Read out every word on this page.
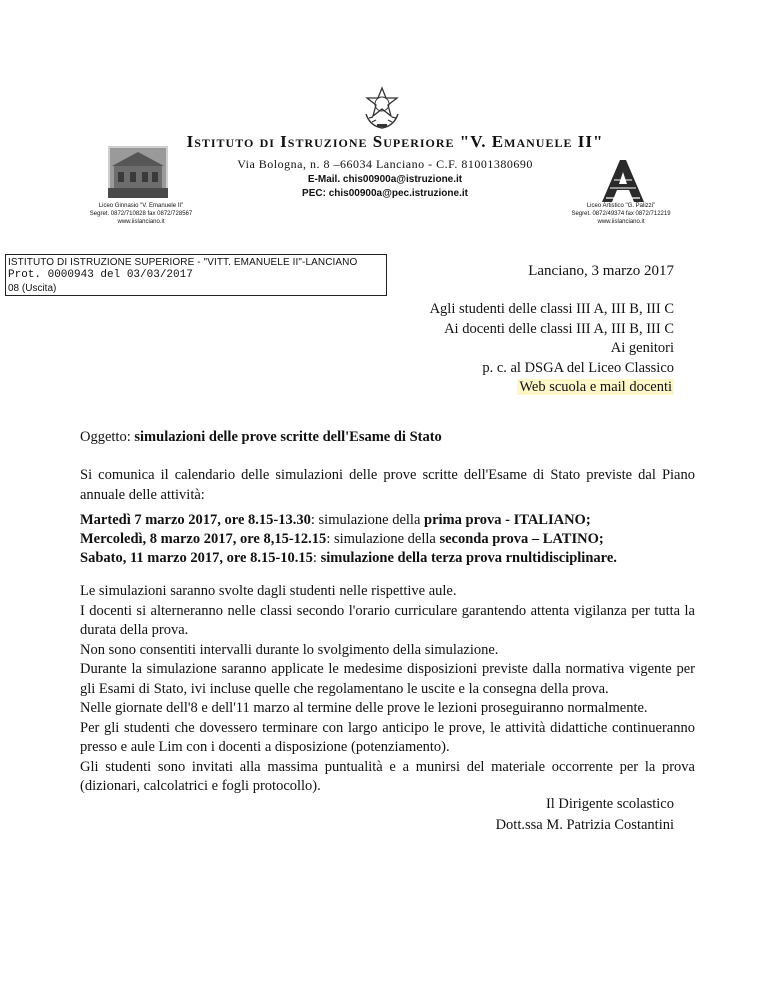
Istituto di Istruzione Superiore "V. Emanuele II"
Via Bologna, n. 8 –66034 Lanciano - C.F. 81001380690
E-Mail. chis00900a@istruzione.it
PEC: chis00900a@pec.istruzione.it
Liceo Ginnasio "V. Emanuele II"
Segret. 0872/710828 fax 0872/728567
www.iislanciano.it
Liceo Artistico "G. Palizzi"
Segret. 0872/49374 fax 0872/712219
www.iislanciano.it
ISTITUTO DI ISTRUZIONE SUPERIORE - "VITT. EMANUELE II"-LANCIANO
Prot. 0000943 del 03/03/2017
08 (Uscita)
Lanciano, 3 marzo 2017
Agli studenti delle classi III A, III B, III C
Ai docenti delle classi III A, III B, III C
Ai genitori
p. c. al DSGA del Liceo Classico
Web scuola e mail docenti
Oggetto: simulazioni delle prove scritte dell'Esame di Stato
Si comunica il calendario delle simulazioni delle prove scritte dell'Esame di Stato previste dal Piano annuale delle attività:
Martedì 7 marzo 2017, ore 8.15-13.30: simulazione della prima prova - ITALIANO;
Mercoledì, 8 marzo 2017, ore 8,15-12.15: simulazione della seconda prova – LATINO;
Sabato, 11 marzo 2017, ore 8.15-10.15: simulazione della terza prova rnultidisciplinare.
Le simulazioni saranno svolte dagli studenti nelle rispettive aule.
I docenti si alterneranno nelle classi secondo l'orario curriculare garantendo attenta vigilanza per tutta la durata della prova.
Non sono consentiti intervalli durante lo svolgimento della simulazione.
Durante la simulazione saranno applicate le medesime disposizioni previste dalla normativa vigente per gli Esami di Stato, ivi incluse quelle che regolamentano le uscite e la consegna della prova.
Nelle giornate dell'8 e dell'11 marzo al termine delle prove le lezioni proseguiranno normalmente.
Per gli studenti che dovessero terminare con largo anticipo le prove, le attività didattiche continueranno presso e aule Lim con i docenti a disposizione (potenziamento).
Gli studenti sono invitati alla massima puntualità e a munirsi del materiale occorrente per la prova (dizionari, calcolatrici e fogli protocollo).
Il Dirigente scolastico
Dott.ssa M. Patrizia Costantini
